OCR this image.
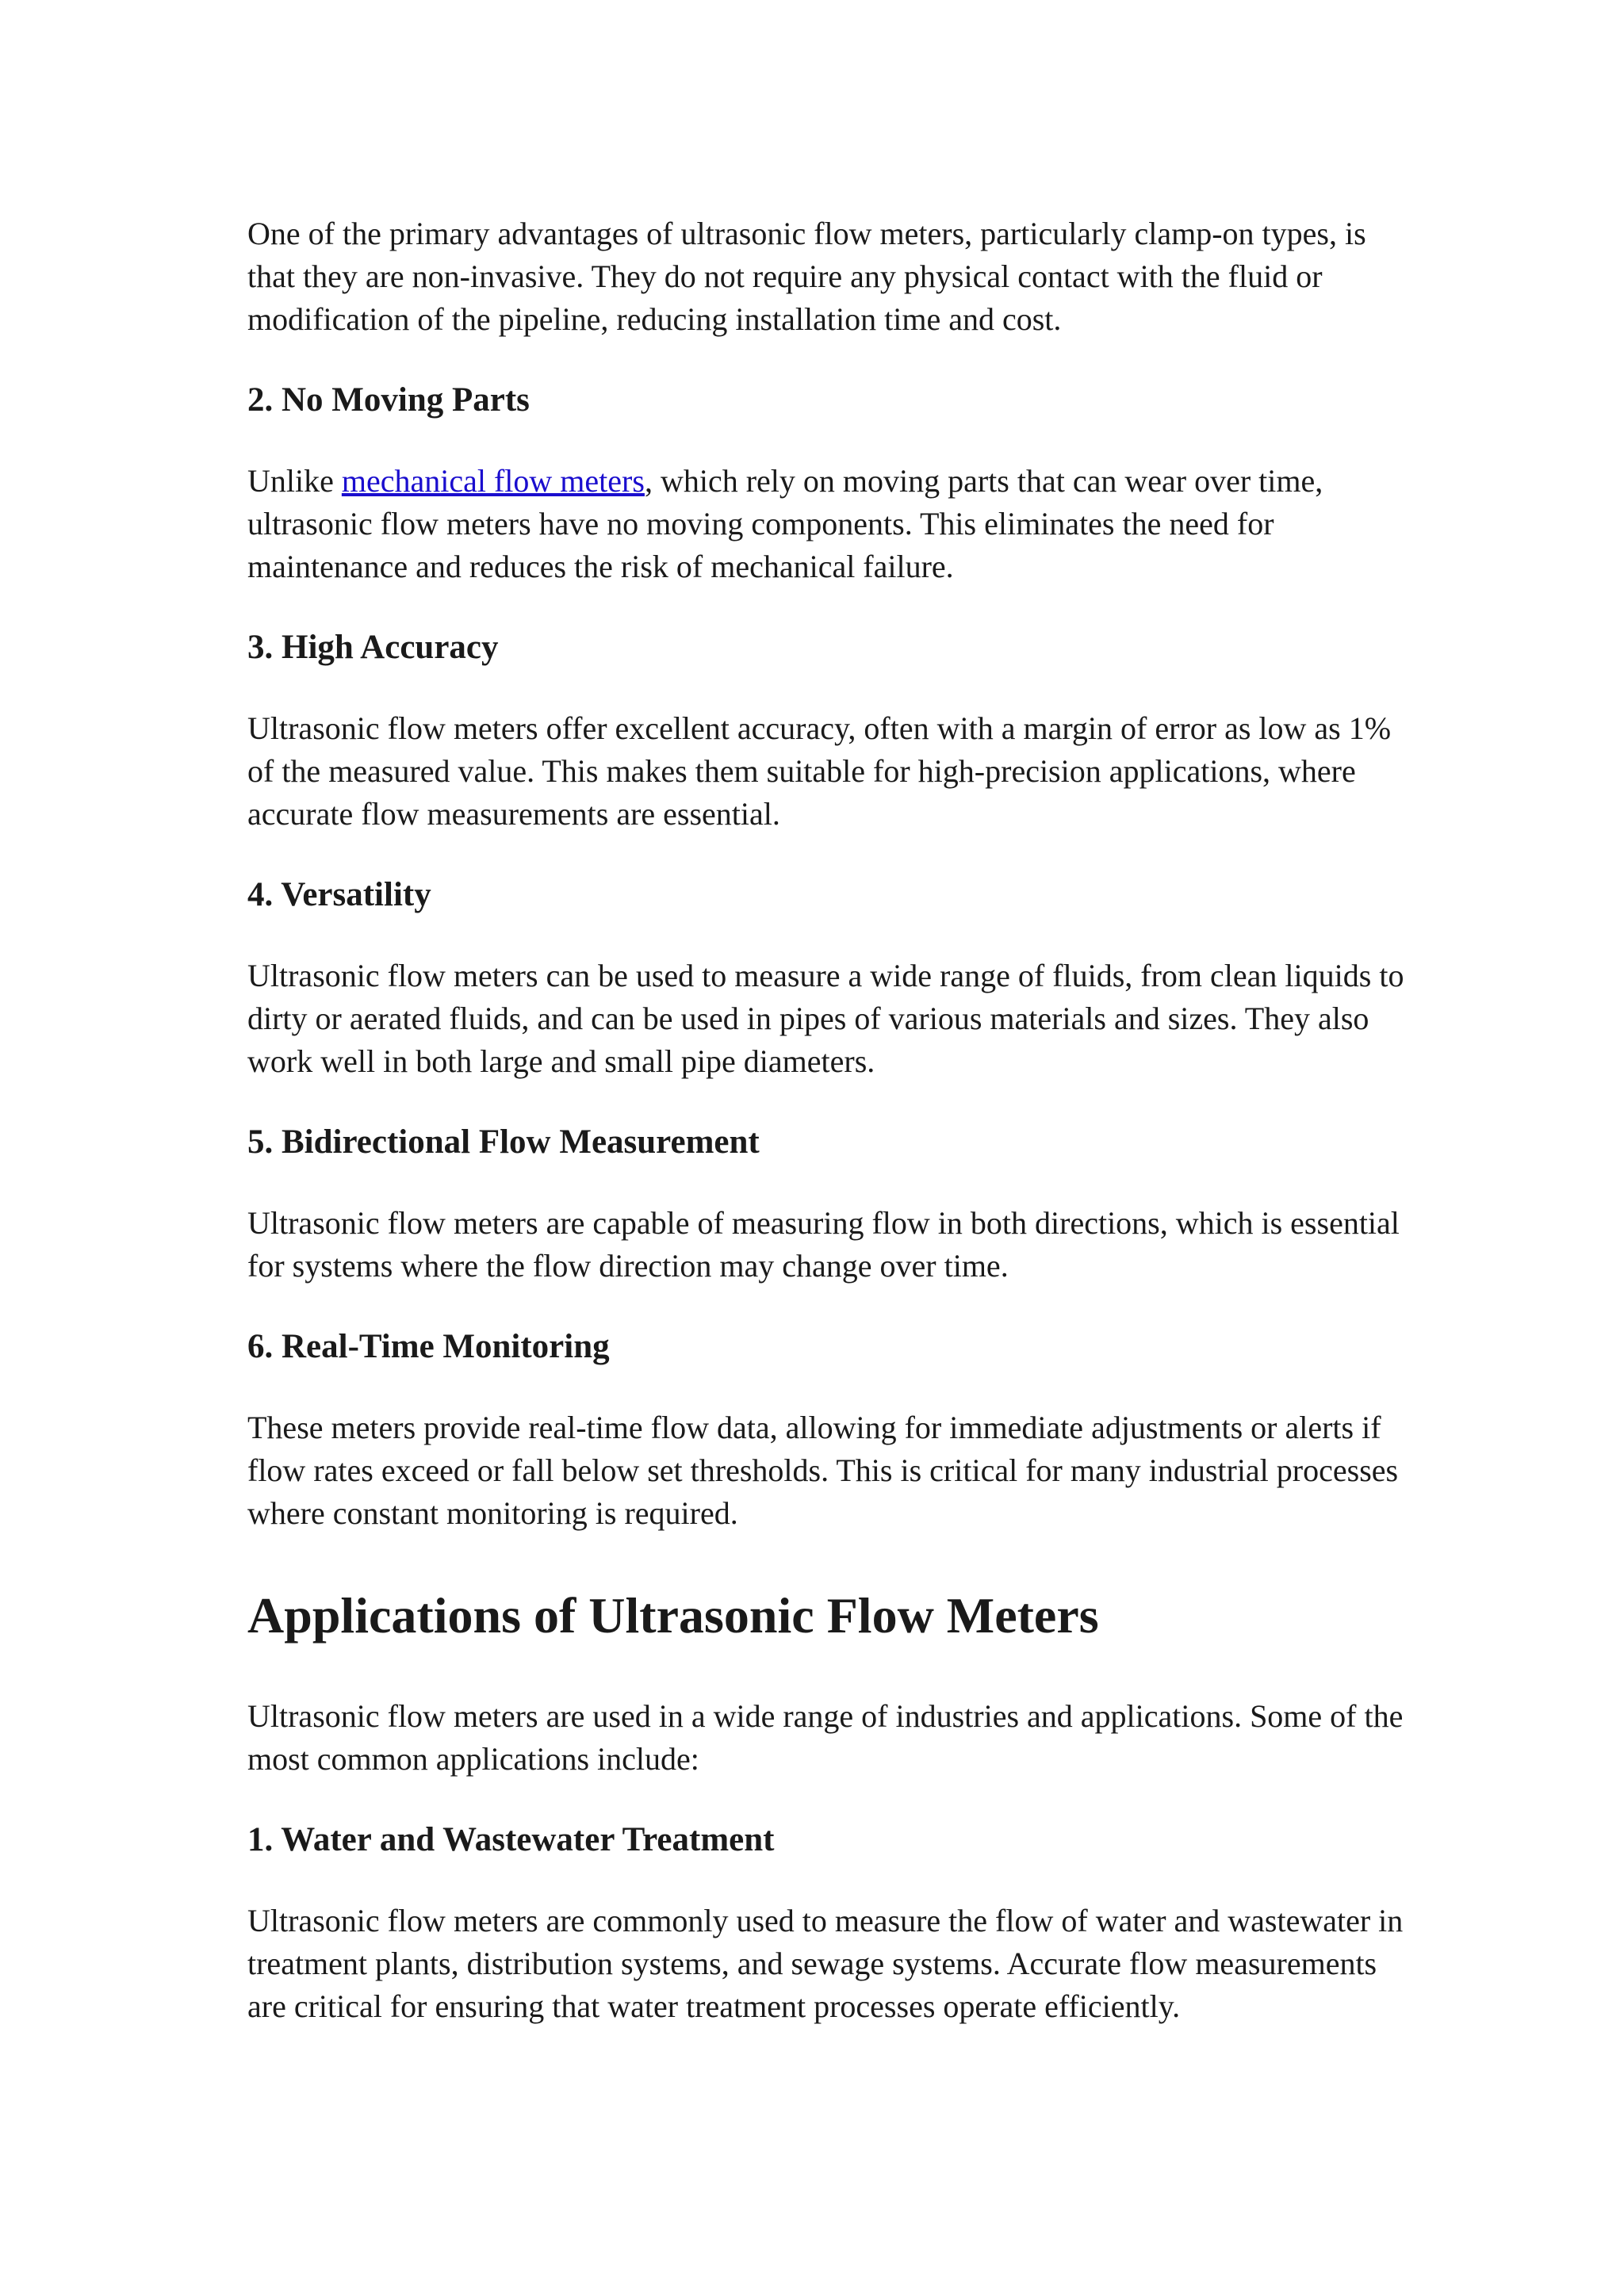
One of the primary advantages of ultrasonic flow meters, particularly clamp-on types, is that they are non-invasive. They do not require any physical contact with the fluid or modification of the pipeline, reducing installation time and cost.

2. No Moving Parts

Unlike mechanical flow meters, which rely on moving parts that can wear over time, ultrasonic flow meters have no moving components. This eliminates the need for maintenance and reduces the risk of mechanical failure.

3. High Accuracy

Ultrasonic flow meters offer excellent accuracy, often with a margin of error as low as 1% of the measured value. This makes them suitable for high-precision applications, where accurate flow measurements are essential.

4. Versatility

Ultrasonic flow meters can be used to measure a wide range of fluids, from clean liquids to dirty or aerated fluids, and can be used in pipes of various materials and sizes. They also work well in both large and small pipe diameters.

5. Bidirectional Flow Measurement

Ultrasonic flow meters are capable of measuring flow in both directions, which is essential for systems where the flow direction may change over time.

6. Real-Time Monitoring

These meters provide real-time flow data, allowing for immediate adjustments or alerts if flow rates exceed or fall below set thresholds. This is critical for many industrial processes where constant monitoring is required.

Applications of Ultrasonic Flow Meters

Ultrasonic flow meters are used in a wide range of industries and applications. Some of the most common applications include:

1. Water and Wastewater Treatment

Ultrasonic flow meters are commonly used to measure the flow of water and wastewater in treatment plants, distribution systems, and sewage systems. Accurate flow measurements are critical for ensuring that water treatment processes operate efficiently.
